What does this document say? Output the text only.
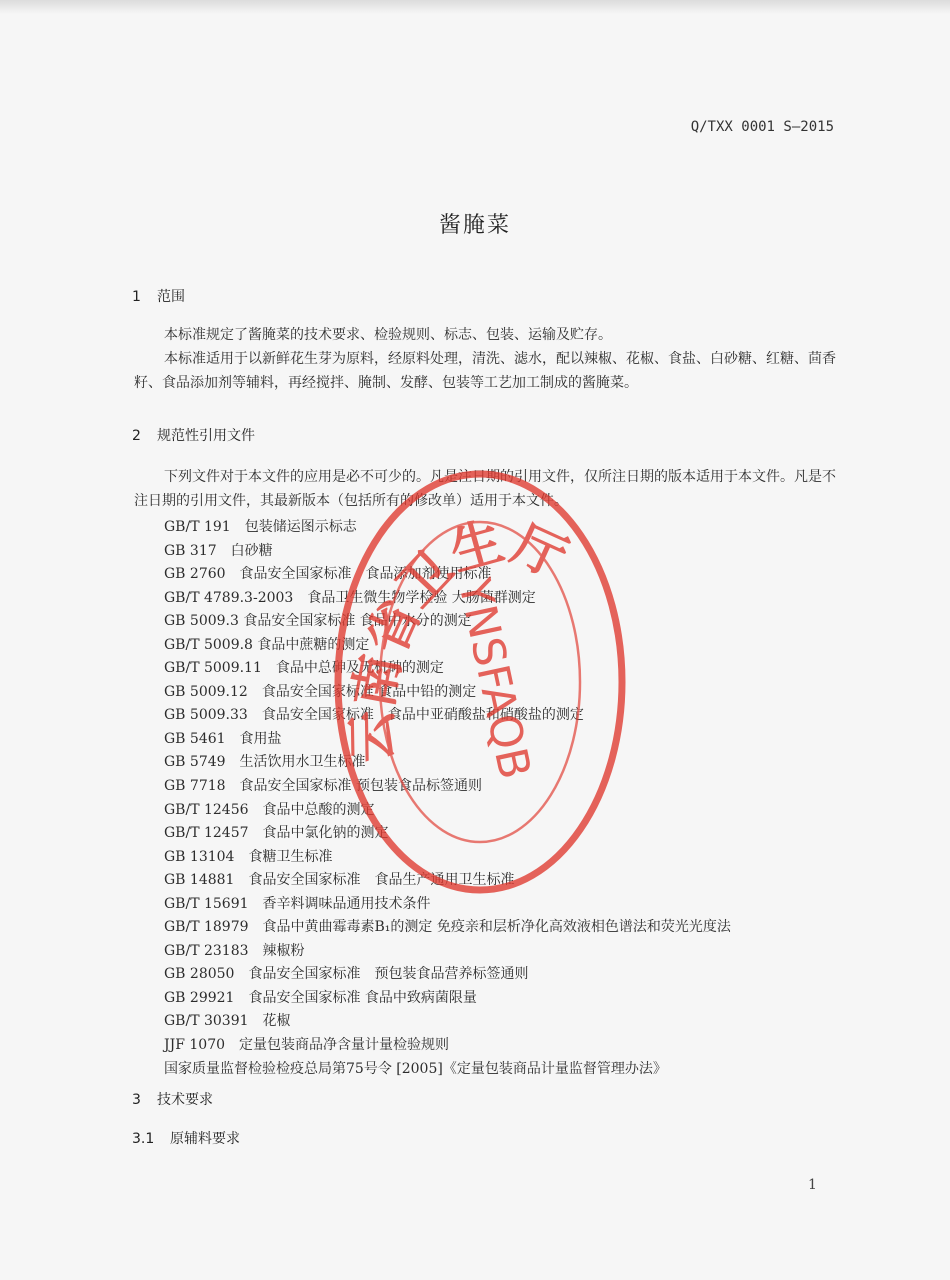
Q/TXX 0001 S—2015
酱腌菜
1 范围

本标准规定了酱腌菜的技术要求、检验规则、标志、包装、运输及贮存。

本标准适用于以新鲜花生芽为原料，经原料处理，清洗、滤水，配以辣椒、花椒、食盐、白砂糖、红糖、茴香籽、食品添加剂等辅料，再经搅拌、腌制、发酵、包装等工艺加工制成的酱腌菜。

2 规范性引用文件

下列文件对于本文件的应用是必不可少的。凡是注日期的引用文件，仅所注日期的版本适用于本文件。凡是不注日期的引用文件，其最新版本（包括所有的修改单）适用于本文件。

GB/T 191　包装储运图示标志
GB 317　白砂糖
GB 2760　食品安全国家标准　食品添加剂使用标准
GB/T 4789.3-2003　食品卫生微生物学检验 大肠菌群测定
GB 5009.3 食品安全国家标准 食品中水分的测定
GB/T 5009.8 食品中蔗糖的测定
GB/T 5009.11　食品中总砷及无机砷的测定
GB 5009.12　食品安全国家标准 食品中铅的测定
GB 5009.33　食品安全国家标准　食品中亚硝酸盐和硝酸盐的测定
GB 5461　食用盐
GB 5749　生活饮用水卫生标准
GB 7718　食品安全国家标准 预包装食品标签通则
GB/T 12456　食品中总酸的测定
GB/T 12457　食品中氯化钠的测定
GB 13104　食糖卫生标准
GB 14881　食品安全国家标准　食品生产通用卫生标准
GB/T 15691　香辛料调味品通用技术条件
GB/T 18979　食品中黄曲霉毒素B₁的测定 免疫亲和层析净化高效液相色谱法和荧光光度法
GB/T 23183　辣椒粉
GB 28050　食品安全国家标准　预包装食品营养标签通则
GB 29921　食品安全国家标准 食品中致病菌限量
GB/T 30391　花椒
JJF 1070　定量包装商品净含量计量检验规则
国家质量监督检验检疫总局第75号令 [2005]《定量包装商品计量监督管理办法》
3 技术要求
3.1 原辅料要求
1
云南省卫生厅
YNSFAQB
